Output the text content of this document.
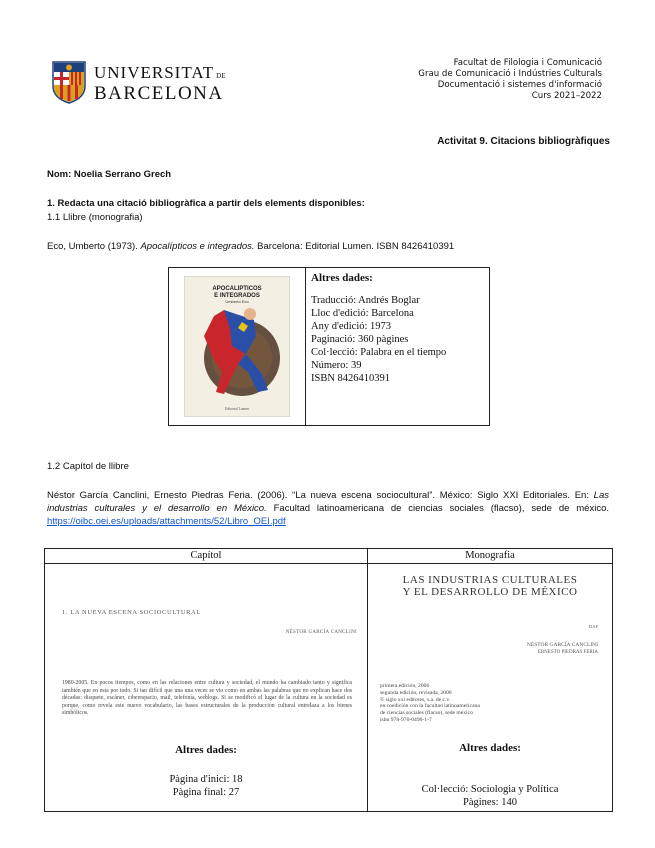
UNIVERSITAT DE
BARCELONA
Facultat de Filologia i Comunicació
Grau de Comunicació i Indústries Culturals
Documentació i sistemes d'informació
Curs 2021–2022
Activitat 9. Citacions bibliogràfiques
Nom: Noelia Serrano Grech
1. Redacta una citació bibliogràfica a partir dels elements disponibles:
1.1 Llibre (monografia)
Eco, Umberto (1973). Apocalípticos e integrados. Barcelona: Editorial Lumen. ISBN 8426410391
APOCALIPTICOS
E INTEGRADOS
Umberto Eco
Editorial Lumen
Altres dades:
Traducció: Andrés Boglar
Lloc d'edició: Barcelona
Any d'edició: 1973
Paginació: 360 pàgines
Col·lecció: Palabra en el tiempo
Número: 39
ISBN 8426410391
1.2 Capítol de llibre
Néstor García Canclini, Ernesto Piedras Feria. (2006). “La nueva escena sociocultural”. México: Siglo XXI Editoriales. En: Las industrias culturales y el desarrollo en México. Facultad latinoamericana de ciencias sociales (flacso), sede de méxico. https://oibc.oei.es/uploads/attachments/52/Libro_OEI.pdf
Capítol	Monografia
1. LA NUEVA ESCENA SOCIOCULTURAL
NÉSTOR GARCÍA CANCLINI
1980-2005. En pocos tiempos, como en las relaciones entre cultura y sociedad, el mundo ha cambiado tanto y significa también que en esta por todo. Si tan difícil que una una veces se vio como en ambas las palabras que no explican hace dos décadas: disquete, escáner, ciberespacio, mail, telefonía, weblogs. Si se modificó el lugar de la cultura en la sociedad es porque, como revela este nuevo vocabulario, las bases estructurales de la producción cultural entrelaza a los bienes simbólicos.
Altres dades:
Pàgina d'inici: 18
Pàgina final: 27
LAS INDUSTRIAS CULTURALES
Y EL DESARROLLO DE MÉXICO
DAF
NÉSTOR GARCÍA CANCLINI
ERNESTO PIEDRAS FERIA
primera edición, 2006
segunda edición, revisada, 2008
© siglo xxi editores, s.a. de c.v.
en coedición con la facultad latinoamericana
de ciencias sociales (flacso), sede méxico
isbn 978-970-0490-1-7
Altres dades:
Col·lecció: Sociologia y Política
Pàgines: 140
